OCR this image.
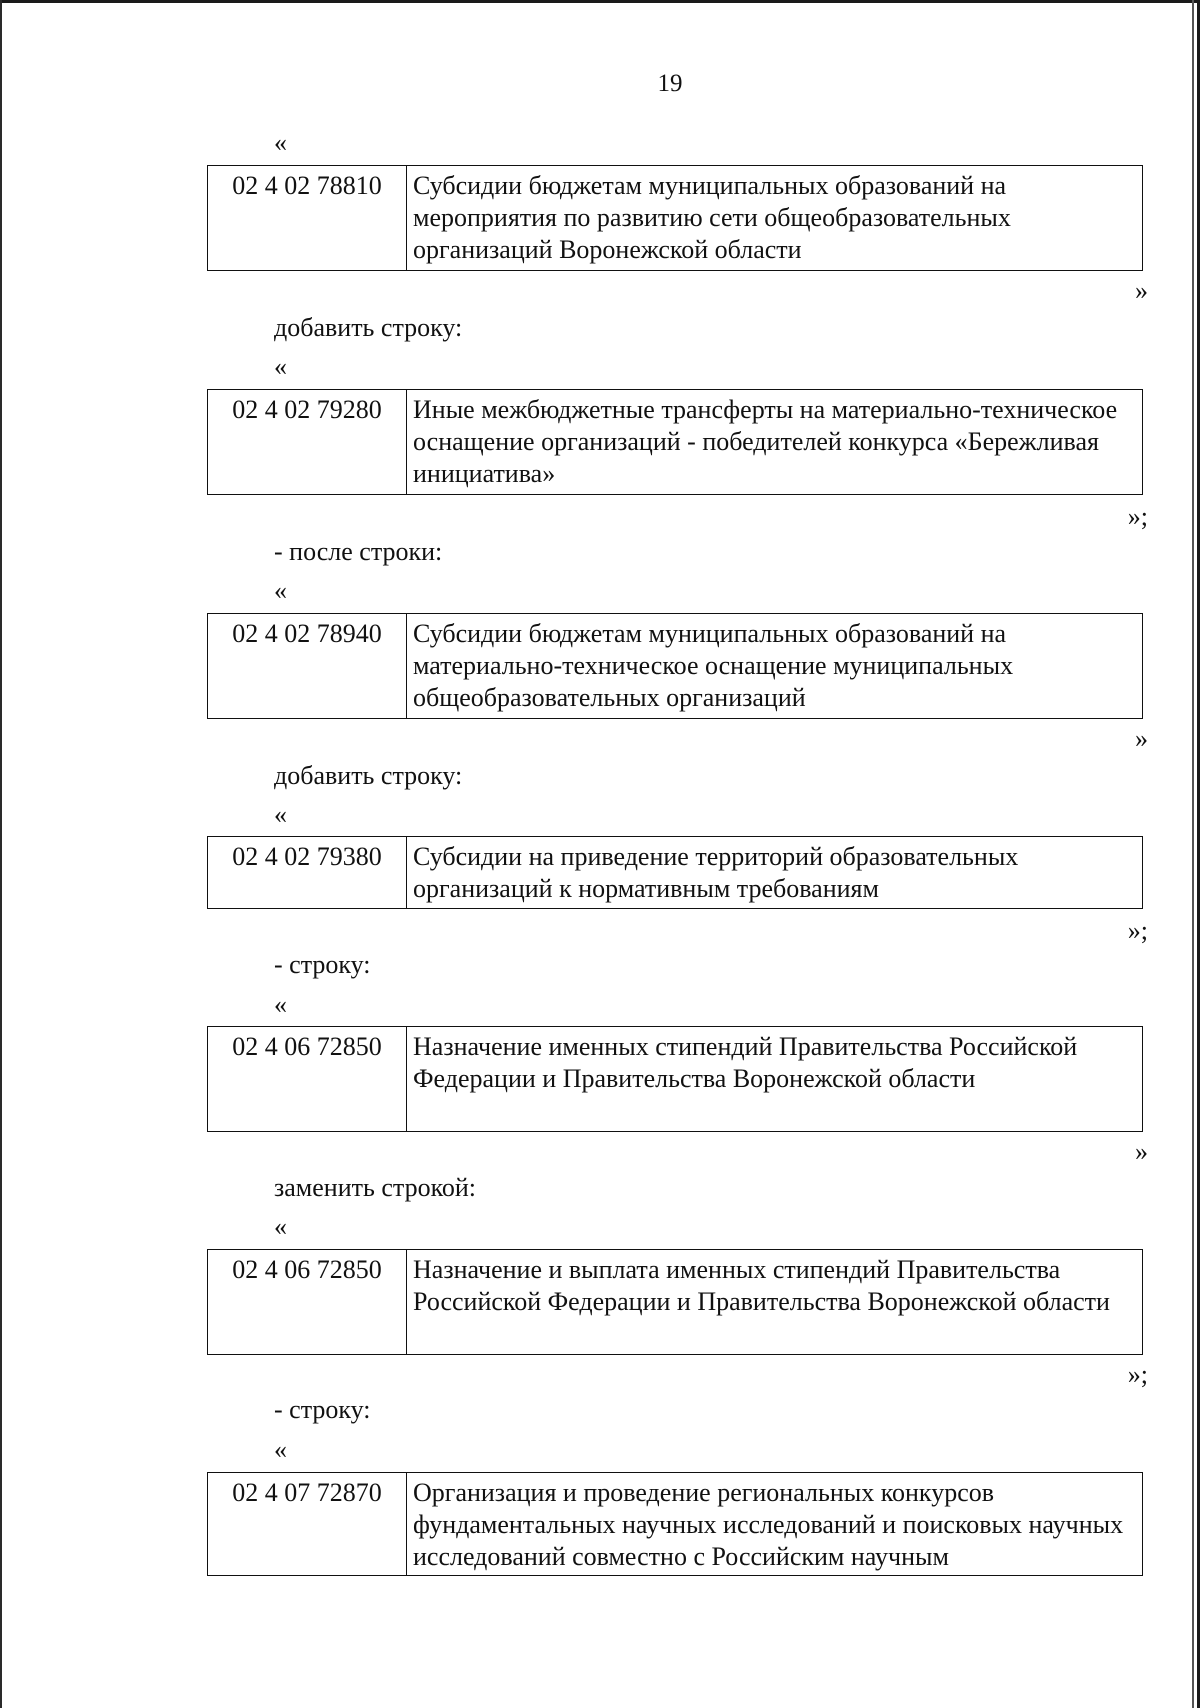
19
«
02 4 02 78810	Субсидии бюджетам муниципальных образований на мероприятия по развитию сети общеобразовательных организаций Воронежской области
»
добавить строку:
«
02 4 02 79280	Иные межбюджетные трансферты на материально-техническое оснащение организаций - победителей конкурса «Бережливая инициатива»
»;
- после строки:
«
02 4 02 78940	Субсидии бюджетам муниципальных образований на материально-техническое оснащение муниципальных общеобразовательных организаций
»
добавить строку:
«
02 4 02 79380	Субсидии на приведение территорий образовательных организаций к нормативным требованиям
»;
- строку:
«
02 4 06 72850	Назначение именных стипендий Правительства Российской Федерации и Правительства Воронежской области
»
заменить строкой:
«
02 4 06 72850	Назначение и выплата именных стипендий Правительства Российской Федерации и Правительства Воронежской области
»;
- строку:
«
02 4 07 72870	Организация и проведение региональных конкурсов фундаментальных научных исследований и поисковых научных исследований совместно с Российским научным
